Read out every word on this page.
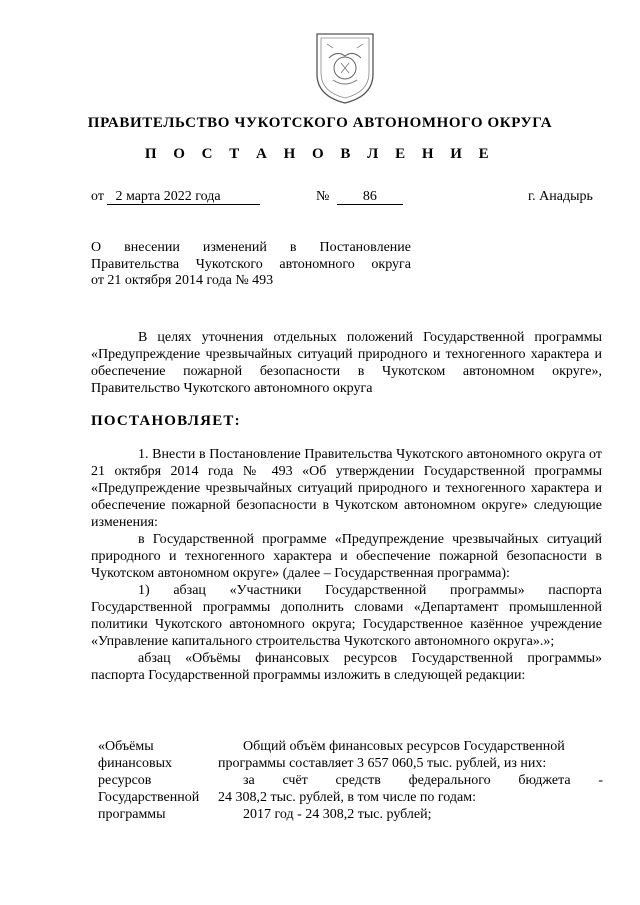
ПРАВИТЕЛЬСТВО ЧУКОТСКОГО АВТОНОМНОГО ОКРУГА
П О С Т А Н О В Л Е Н И Е
от 2 марта 2022 года	№ 86	г. Анадырь
О      внесении      изменений      в      Постановление
Правительства Чукотского автономного округа
от 21 октября 2014 года № 493

В целях уточнения отдельных положений Государственной программы «Предупреждение чрезвычайных ситуаций природного и техногенного характера и обеспечение пожарной безопасности в Чукотском автономном округе», Правительство Чукотского автономного округа

ПОСТАНОВЛЯЕТ:

1. Внести в Постановление Правительства Чукотского автономного округа от 21 октября 2014 года № 493 «Об утверждении Государственной программы «Предупреждение чрезвычайных ситуаций природного и техногенного характера и обеспечение пожарной безопасности в Чукотском автономном округе» следующие изменения:

в Государственной программе «Предупреждение чрезвычайных ситуаций природного и техногенного характера и обеспечение пожарной безопасности в Чукотском автономном округе» (далее – Государственная программа):

1) абзац «Участники Государственной программы» паспорта Государственной программы дополнить словами «Департамент промышленной политики Чукотского автономного округа; Государственное казённое учреждение «Управление капитального строительства Чукотского автономного округа».»;

абзац «Объёмы финансовых ресурсов Государственной программы» паспорта Государственной программы изложить в следующей редакции:

«Объёмы
финансовых
ресурсов
Государственной
программы
Общий объём финансовых ресурсов Государственной
программы составляет 3 657 060,5 тыс. рублей, из них:
за      счёт      средств      федерального      бюджета      -
24 308,2 тыс. рублей, в том числе по годам:
2017 год - 24 308,2 тыс. рублей;
